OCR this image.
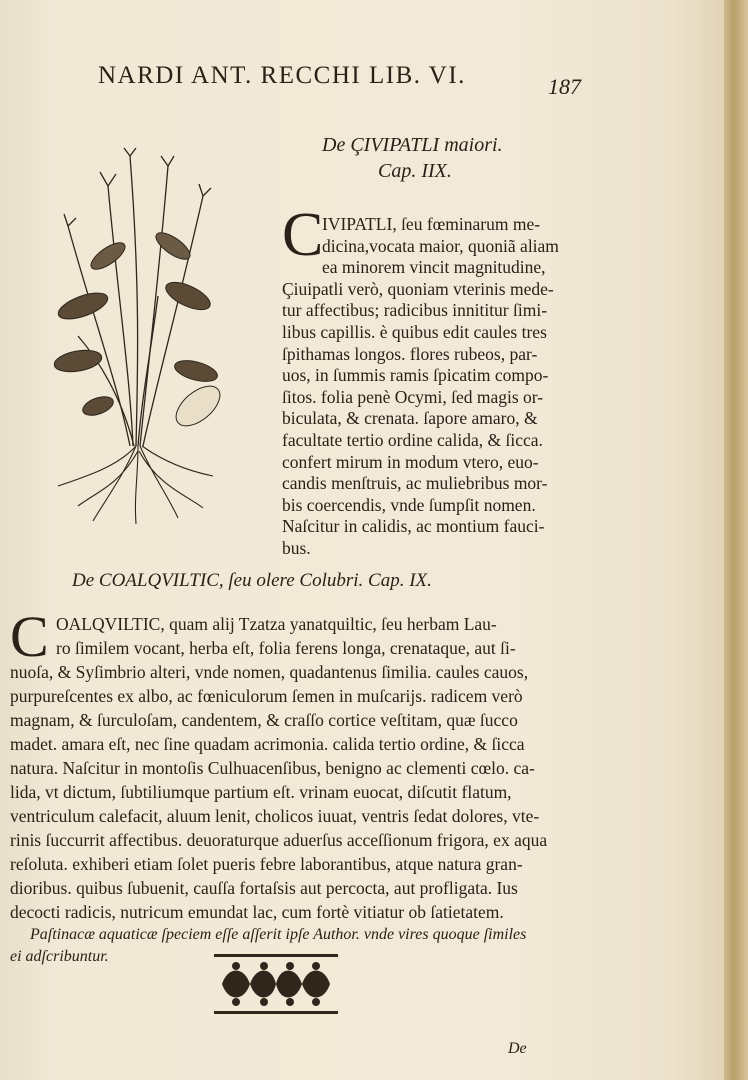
NARDI ANT. RECCHI LIB. VI.	187
De ÇIVIPATLI maiori.
Cap. IIX.
C
IVIPATLI, ſeu fœminarum me-
dicina,vocata maior, quoniã aliam
ea minorem vincit magnitudine,
Çiuipatli verò, quoniam vterinis mede-
tur affectibus; radicibus innititur ſimi-
libus capillis. è quibus edit caules tres
ſpithamas longos. flores rubeos, par-
uos, in ſummis ramis ſpicatim compo-
ſitos. folia penè Ocymi, ſed magis or-
biculata, & crenata. ſapore amaro, &
facultate tertio ordine calida, & ſicca.
confert mirum in modum vtero, euo-
candis menſtruis, ac muliebribus mor-
bis coercendis, vnde ſumpſit nomen.
Naſcitur in calidis, ac montium fauci-
De COALQVILTIC, ſeu olere Colubri. Cap. IX.
C OALQVILTIC, quam alij Tzatza yanatquiltic, ſeu herbam Lau-
ro ſimilem vocant, herba eſt, folia ferens longa, crenataque, aut ſi-
nuoſa, & Syſimbrio alteri, vnde nomen, quadantenus ſimilia. caules cauos,
purpureſcentes ex albo, ac fœniculorum ſemen in muſcarijs. radicem verò
magnam, & ſurculoſam, candentem, & craſſo cortice veſtitam, quæ ſucco
madet. amara eſt, nec ſine quadam acrimonia. calida tertio ordine, & ſicca
natura. Naſcitur in montoſis Culhuacenſibus, benigno ac clementi cœlo. ca-
lida, vt dictum, ſubtiliumque partium eſt. vrinam euocat, diſcutit flatum,
ventriculum calefacit, aluum lenit, cholicos iuuat, ventris ſedat dolores, vte-
rinis ſuccurrit affectibus. deuoraturque aduerſus acceſſionum frigora, ex aqua
reſoluta. exhiberi etiam ſolet pueris febre laborantibus, atque natura gran-
dioribus. quibus ſubuenit, cauſſa fortaſsis aut percocta, aut profligata. Ius
decocti radicis, nutricum emundat lac, cum fortè vitiatur ob ſatietatem.
Paſtinacæ aquaticæ ſpeciem eſſe aſſerit ipſe Author. vnde vires quoque ſimiles
ei adſcribuntur.
De
bus.
